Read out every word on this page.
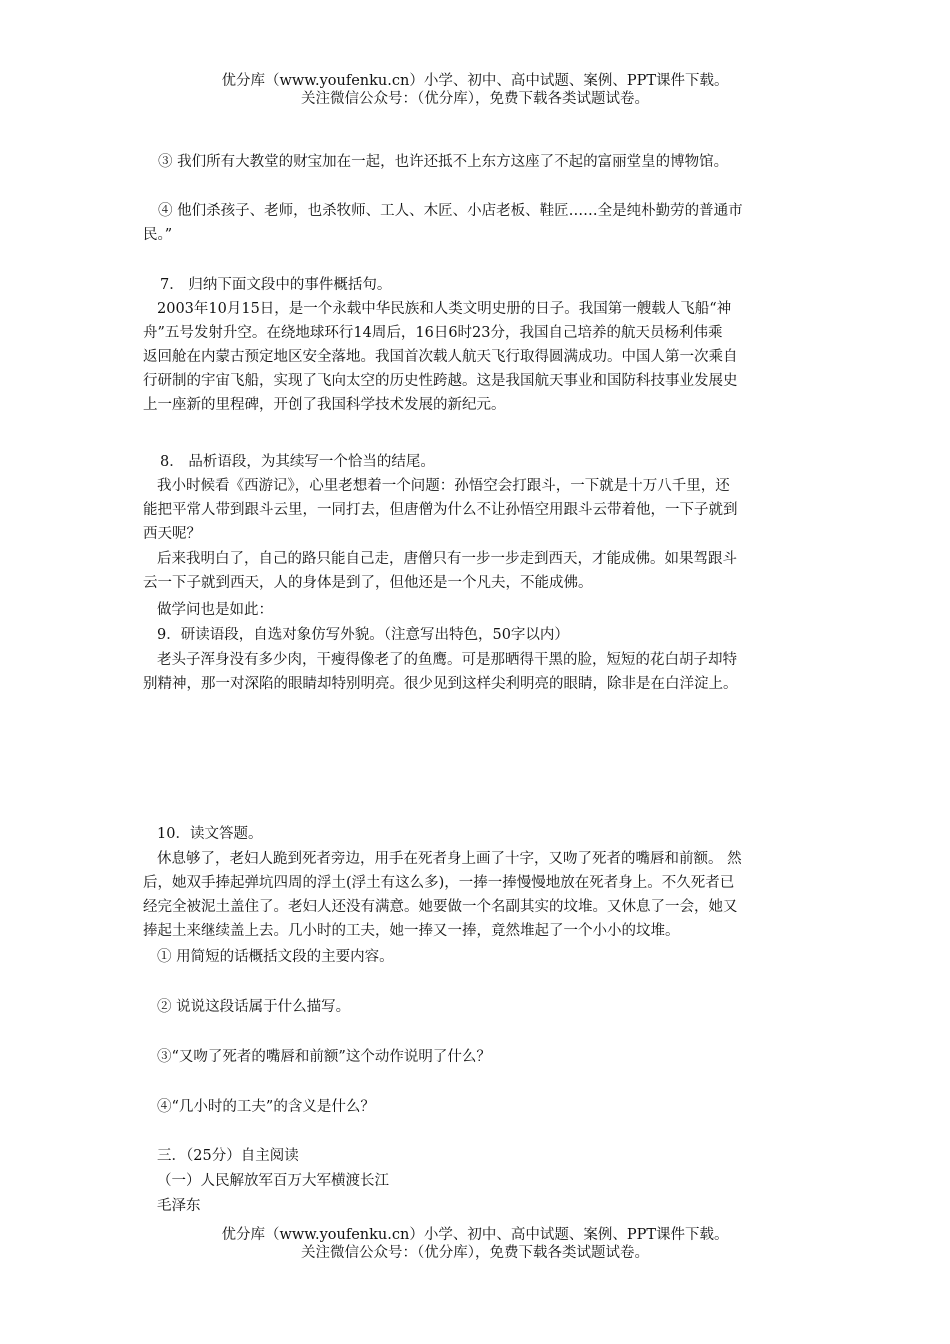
优分库（www.youfenku.cn）小学、初中、高中试题、案例、PPT课件下载。
关注微信公众号：（优分库），免费下载各类试题试卷。
③ 我们所有大教堂的财宝加在一起，也许还抵不上东方这座了不起的富丽堂皇的博物馆。
④ 他们杀孩子、老师，也杀牧师、工人、木匠、小店老板、鞋匠……全是纯朴勤劳的普通市
民。”
7． 归纳下面文段中的事件概括句。
2003年10月15日，是一个永载中华民族和人类文明史册的日子。我国第一艘载人飞船“神
舟”五号发射升空。在绕地球环行14周后，16日6时23分，我国自己培养的航天员杨利伟乘
返回舱在内蒙古预定地区安全落地。我国首次载人航天飞行取得圆满成功。中国人第一次乘自
行研制的宇宙飞船，实现了飞向太空的历史性跨越。这是我国航天事业和国防科技事业发展史
上一座新的里程碑，开创了我国科学技术发展的新纪元。
8． 品析语段，为其续写一个恰当的结尾。
我小时候看《西游记》，心里老想着一个问题：孙悟空会打跟斗，一下就是十万八千里，还
能把平常人带到跟斗云里，一同打去，但唐僧为什么不让孙悟空用跟斗云带着他，一下子就到
西天呢？
后来我明白了，自己的路只能自己走，唐僧只有一步一步走到西天，才能成佛。如果驾跟斗
云一下子就到西天，人的身体是到了，但他还是一个凡夫，不能成佛。
做学问也是如此：
9．研读语段，自选对象仿写外貌。（注意写出特色，50字以内）
老头子浑身没有多少肉，干瘦得像老了的鱼鹰。可是那晒得干黑的脸，短短的花白胡子却特
别精神，那一对深陷的眼睛却特别明亮。很少见到这样尖利明亮的眼睛，除非是在白洋淀上。
10．读文答题。
休息够了，老妇人跪到死者旁边，用手在死者身上画了十字，又吻了死者的嘴唇和前额。 然
后，她双手捧起弹坑四周的浮土(浮土有这么多)，一捧一捧慢慢地放在死者身上。不久死者已
经完全被泥土盖住了。老妇人还没有满意。她要做一个名副其实的坟堆。又休息了一会，她又
捧起土来继续盖上去。几小时的工夫，她一捧又一捧，竟然堆起了一个小小的坟堆。
① 用简短的话概括文段的主要内容。
② 说说这段话属于什么描写。
③“又吻了死者的嘴唇和前额”这个动作说明了什么？
④“几小时的工夫”的含义是什么？
三．（25分）自主阅读
（一）人民解放军百万大军横渡长江
毛泽东
优分库（www.youfenku.cn）小学、初中、高中试题、案例、PPT课件下载。
关注微信公众号：（优分库），免费下载各类试题试卷。
